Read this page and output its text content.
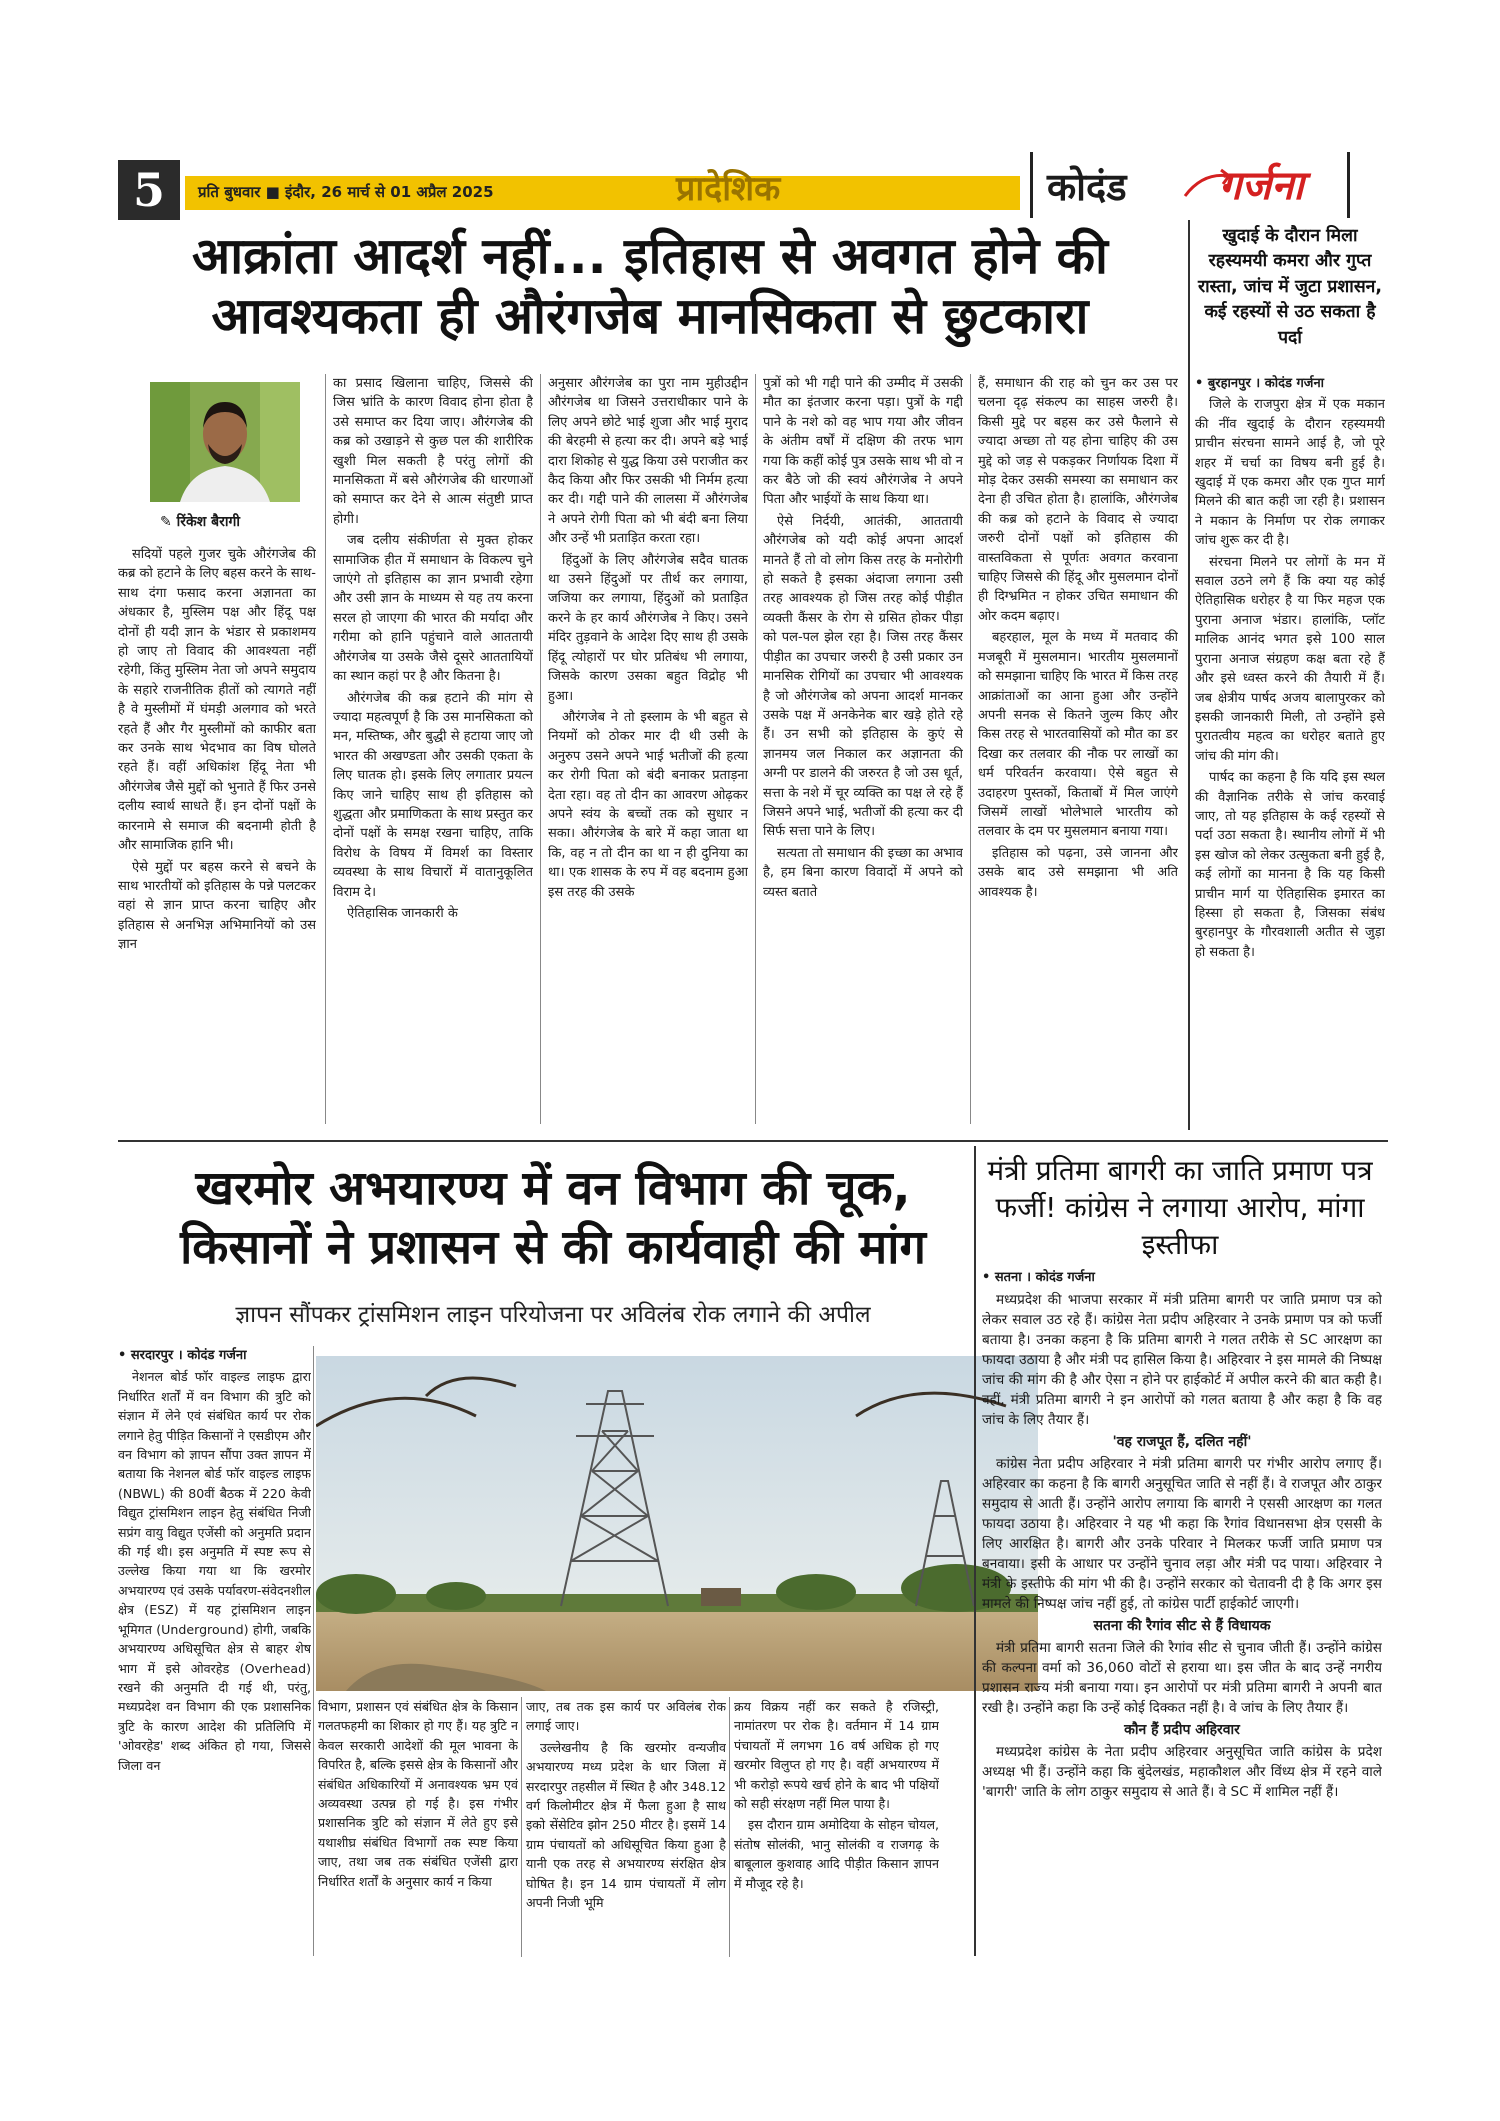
5	प्रति बुधवार ■ इंदौर, 26 मार्च से 01 अप्रैल 2025	प्रादेशिक	कोदंड गर्जना
आक्रांता आदर्श नहीं... इतिहास से अवगत होने की
आवश्यकता ही औरंगजेब मानसिकता से छुटकारा
✎ रिंकेश बैरागी

सदियों पहले गुजर चुके औरंगजेब की कब्र को हटाने के लिए बहस करने के साथ-साथ दंगा फसाद करना अज्ञानता का अंधकार है, मुस्लिम पक्ष और हिंदू पक्ष दोनों ही यदी ज्ञान के भंडार से प्रकाशमय हो जाए तो विवाद की आवश्यता नहीं रहेगी, किंतु मुस्लिम नेता जो अपने समुदाय के सहारे राजनीतिक हीतों को त्यागते नहीं है वे मुस्लीमों में घंमड़ी अलगाव को भरते रहते हैं और गैर मुस्लीमों को काफीर बता कर उनके साथ भेदभाव का विष घोलते रहते हैं। वहीं अधिकांश हिंदू नेता भी औरंगजेब जैसे मुद्दों को भुनाते हैं फिर उनसे दलीय स्वार्थ साधते हैं। इन दोनों पक्षों के कारनामे से समाज की बदनामी होती है और सामाजिक हानि भी।

ऐसे मुद्दों पर बहस करने से बचने के साथ भारतीयों को इतिहास के पन्ने पलटकर वहां से ज्ञान प्राप्त करना चाहिए और इतिहास से अनभिज्ञ अभिमानियों को उस ज्ञान

का प्रसाद खिलाना चाहिए, जिससे की जिस भ्रांति के कारण विवाद होना होता है उसे समाप्त कर दिया जाए। औरंगजेब की कब्र को उखाड़ने से कुछ पल की शारीरिक खुशी मिल सकती है परंतु लोगों की मानसिकता में बसे औरंगजेब की धारणाओं को समाप्त कर देने से आत्म संतुष्टी प्राप्त होगी।

जब दलीय संकीर्णता से मुक्त होकर सामाजिक हीत में समाधान के विकल्प चुने जाएंगे तो इतिहास का ज्ञान प्रभावी रहेगा और उसी ज्ञान के माध्यम से यह तय करना सरल हो जाएगा की भारत की मर्यादा और गरीमा को हानि पहुंचाने वाले आततायी औरंगजेब या उसके जैसे दूसरे आततायियों का स्थान कहां पर है और कितना है।

औरंगजेब की कब्र हटाने की मांग से ज्यादा महत्वपूर्ण है कि उस मानसिकता को मन, मस्तिष्क, और बुद्धी से हटाया जाए जो भारत की अखण्डता और उसकी एकता के लिए घातक हो। इसके लिए लगातार प्रयत्न किए जाने चाहिए साथ ही इतिहास को शुद्धता और प्रमाणिकता के साथ प्रस्तुत कर दोनों पक्षों के समक्ष रखना चाहिए, ताकि विरोध के विषय में विमर्श का विस्तार व्यवस्था के साथ विचारों में वातानुकूलित विराम दे।

ऐतिहासिक जानकारी के

अनुसार औरंगजेब का पुरा नाम मुहीउद्दीन औरंगजेब था जिसने उत्तराधीकार पाने के लिए अपने छोटे भाई शुजा और भाई मुराद की बेरहमी से हत्या कर दी। अपने बड़े भाई दारा शिकोह से युद्ध किया उसे पराजीत कर कैद किया और फिर उसकी भी निर्मम हत्या कर दी। गद्दी पाने की लालसा में औरंगजेब ने अपने रोगी पिता को भी बंदी बना लिया और उन्हें भी प्रताड़ित करता रहा।

हिंदुओं के लिए औरंगजेब सदैव घातक था उसने हिंदुओं पर तीर्थ कर लगाया, जजिया कर लगाया, हिंदुओं को प्रताड़ित करने के हर कार्य औरंगजेब ने किए। उसने मंदिर तुड़वाने के आदेश दिए साथ ही उसके हिंदू त्योहारों पर घोर प्रतिबंध भी लगाया, जिसके कारण उसका बहुत विद्रोह भी हुआ।

औरंगजेब ने तो इस्लाम के भी बहुत से नियमों को ठोकर मार दी थी उसी के अनुरुप उसने अपने भाई भतीजों की हत्या कर रोगी पिता को बंदी बनाकर प्रताड़ना देता रहा। वह तो दीन का आवरण ओढ़कर अपने स्वंय के बच्चों तक को सुधार न सका। औरंगजेब के बारे में कहा जाता था कि, वह न तो दीन का था न ही दुनिया का था। एक शासक के रुप में वह बदनाम हुआ इस तरह की उसके

पुत्रों को भी गद्दी पाने की उम्मीद में उसकी मौत का इंतजार करना पड़ा। पुत्रों के गद्दी पाने के नशे को वह भाप गया और जीवन के अंतीम वर्षों में दक्षिण की तरफ भाग गया कि कहीं कोई पुत्र उसके साथ भी वो न कर बैठे जो की स्वयं औरंगजेब ने अपने पिता और भाईयों के साथ किया था।

ऐसे निर्दयी, आतंकी, आततायी औरंगजेब को यदी कोई अपना आदर्श मानते हैं तो वो लोग किस तरह के मनोरोगी हो सकते है इसका अंदाजा लगाना उसी तरह आवश्यक हो जिस तरह कोई पीड़ीत व्यक्ती कैंसर के रोग से ग्रसित होकर पीड़ा को पल-पल झेल रहा है। जिस तरह कैंसर पीड़ीत का उपचार जरुरी है उसी प्रकार उन मानसिक रोगियों का उपचार भी आवश्यक है जो औरंगजेब को अपना आदर्श मानकर उसके पक्ष में अनकेनेक बार खड़े होते रहे हैं। उन सभी को इतिहास के कुएं से ज्ञानमय जल निकाल कर अज्ञानता की अग्नी पर डालने की जरुरत है जो उस धूर्त, सत्ता के नशे में चूर व्यक्ति का पक्ष ले रहे हैं जिसने अपने भाई, भतीजों की हत्या कर दी सिर्फ सत्ता पाने के लिए।

सत्यता तो समाधान की इच्छा का अभाव है, हम बिना कारण विवादों में अपने को व्यस्त बताते

हैं, समाधान की राह को चुन कर उस पर चलना दृढ़ संकल्प का साहस जरुरी है। किसी मुद्दे पर बहस कर उसे फैलाने से ज्यादा अच्छा तो यह होना चाहिए की उस मुद्दे को जड़ से पकड़कर निर्णायक दिशा में मोड़ देकर उसकी समस्या का समाधान कर देना ही उचित होता है। हालांकि, औरंगजेब की कब्र को हटाने के विवाद से ज्यादा जरुरी दोनों पक्षों को इतिहास की वास्तविकता से पूर्णतः अवगत करवाना चाहिए जिससे की हिंदू और मुसलमान दोनों ही दिग्भ्रमित न होकर उचित समाधान की ओर कदम बढ़ाए।

बहरहाल, मूल के मध्य में मतवाद की मजबूरी में मुसलमान। भारतीय मुसलमानों को समझाना चाहिए कि भारत में किस तरह आक्रांताओं का आना हुआ और उन्होंने अपनी सनक से कितने जुल्म किए और किस तरह से भारतवासियों को मौत का डर दिखा कर तलवार की नौक पर लाखों का धर्म परिवर्तन करवाया। ऐसे बहुत से उदाहरण पुस्तकों, किताबों में मिल जाएंगे जिसमें लाखों भोलेभाले भारतीय को तलवार के दम पर मुसलमान बनाया गया।

इतिहास को पढ़ना, उसे जानना और उसके बाद उसे समझाना भी अति आवश्यक है।

खुदाई के दौरान मिला रहस्यमयी कमरा और गुप्त रास्ता, जांच में जुटा प्रशासन, कई रहस्यों से उठ सकता है पर्दा

• बुरहानपुर । कोदंड गर्जना

जिले के राजपुरा क्षेत्र में एक मकान की नींव खुदाई के दौरान रहस्यमयी प्राचीन संरचना सामने आई है, जो पूरे शहर में चर्चा का विषय बनी हुई है। खुदाई में एक कमरा और एक गुप्त मार्ग मिलने की बात कही जा रही है। प्रशासन ने मकान के निर्माण पर रोक लगाकर जांच शुरू कर दी है।

संरचना मिलने पर लोगों के मन में सवाल उठने लगे हैं कि क्या यह कोई ऐतिहासिक धरोहर है या फिर महज एक पुराना अनाज भंडार। हालांकि, प्लॉट मालिक आनंद भगत इसे 100 साल पुराना अनाज संग्रहण कक्ष बता रहे हैं और इसे ध्वस्त करने की तैयारी में हैं। जब क्षेत्रीय पार्षद अजय बालापुरकर को इसकी जानकारी मिली, तो उन्होंने इसे पुरातत्वीय महत्व का धरोहर बताते हुए जांच की मांग की।

पार्षद का कहना है कि यदि इस स्थल की वैज्ञानिक तरीके से जांच करवाई जाए, तो यह इतिहास के कई रहस्यों से पर्दा उठा सकता है। स्थानीय लोगों में भी इस खोज को लेकर उत्सुकता बनी हुई है, कई लोगों का मानना है कि यह किसी प्राचीन मार्ग या ऐतिहासिक इमारत का हिस्सा हो सकता है, जिसका संबंध बुरहानपुर के गौरवशाली अतीत से जुड़ा हो सकता है।

खरमोर अभयारण्य में वन विभाग की चूक,
किसानों ने प्रशासन से की कार्यवाही की मांग
ज्ञापन सौंपकर ट्रांसमिशन लाइन परियोजना पर अविलंब रोक लगाने की अपील

• सरदारपुर । कोदंड गर्जना

नेशनल बोर्ड फॉर वाइल्ड लाइफ द्वारा निर्धारित शर्तों में वन विभाग की त्रुटि को संज्ञान में लेने एवं संबंधित कार्य पर रोक लगाने हेतु पीड़ित किसानों ने एसडीएम और वन विभाग को ज्ञापन सौंपा उक्त ज्ञापन में बताया कि नेशनल बोर्ड फॉर वाइल्ड लाइफ (NBWL) की 80वीं बैठक में 220 केवी विद्युत ट्रांसमिशन लाइन हेतु संबंधित निजी सप्रंग वायु विद्युत एजेंसी को अनुमति प्रदान की गई थी। इस अनुमति में स्पष्ट रूप से उल्लेख किया गया था कि खरमोर अभयारण्य एवं उसके पर्यावरण-संवेदनशील क्षेत्र (ESZ) में यह ट्रांसमिशन लाइन भूमिगत (Underground) होगी, जबकि अभयारण्य अधिसूचित क्षेत्र से बाहर शेष भाग में इसे ओवरहेड (Overhead) रखने की अनुमति दी गई थी, परंतु, मध्यप्रदेश वन विभाग की एक प्रशासनिक त्रुटि के कारण आदेश की प्रतिलिपि में 'ओवरहेड' शब्द अंकित हो गया, जिससे जिला वन

विभाग, प्रशासन एवं संबंधित क्षेत्र के किसान गलतफहमी का शिकार हो गए हैं। यह त्रुटि न केवल सरकारी आदेशों की मूल भावना के विपरित है, बल्कि इससे क्षेत्र के किसानों और संबंधित अधिकारियों में अनावश्यक भ्रम एवं अव्यवस्था उत्पन्न हो गई है। इस गंभीर प्रशासनिक त्रुटि को संज्ञान में लेते हुए इसे यथाशीघ्र संबंधित विभागों तक स्पष्ट किया जाए, तथा जब तक संबंधित एजेंसी द्वारा निर्धारित शर्तों के अनुसार कार्य न किया

जाए, तब तक इस कार्य पर अविलंब रोक लगाई जाए।

उल्लेखनीय है कि खरमोर वन्यजीव अभयारण्य मध्य प्रदेश के धार जिला में सरदारपुर तहसील में स्थित है और 348.12 वर्ग किलोमीटर क्षेत्र में फैला हुआ है साथ इको सेंसेटिव झोन 250 मीटर है। इसमें 14 ग्राम पंचायतों को अधिसूचित किया हुआ है यानी एक तरह से अभयारण्य संरक्षित क्षेत्र घोषित है। इन 14 ग्राम पंचायतों में लोग अपनी निजी भूमि

क्रय विक्रय नहीं कर सकते है रजिस्ट्री, नामांतरण पर रोक है। वर्तमान में 14 ग्राम पंचायतों में लगभग 16 वर्ष अधिक हो गए खरमोर विलुप्त हो गए है। वहीं अभयारण्य में भी करोड़ो रूपये खर्च होने के बाद भी पक्षियों को सही संरक्षण नहीं मिल पाया है।

इस दौरान ग्राम अमोदिया के सोहन चोयल, संतोष सोलंकी, भानु सोलंकी व राजगढ़ के बाबूलाल कुशवाह आदि पीड़ीत किसान ज्ञापन में मौजूद रहे है।

मंत्री प्रतिमा बागरी का जाति प्रमाण पत्र फर्जी! कांग्रेस ने लगाया आरोप, मांगा इस्तीफा

• सतना । कोदंड गर्जना

मध्यप्रदेश की भाजपा सरकार में मंत्री प्रतिमा बागरी पर जाति प्रमाण पत्र को लेकर सवाल उठ रहे हैं। कांग्रेस नेता प्रदीप अहिरवार ने उनके प्रमाण पत्र को फर्जी बताया है। उनका कहना है कि प्रतिमा बागरी ने गलत तरीके से SC आरक्षण का फायदा उठाया है और मंत्री पद हासिल किया है। अहिरवार ने इस मामले की निष्पक्ष जांच की मांग की है और ऐसा न होने पर हाईकोर्ट में अपील करने की बात कही है। वहीं, मंत्री प्रतिमा बागरी ने इन आरोपों को गलत बताया है और कहा है कि वह जांच के लिए तैयार हैं।

'वह राजपूत हैं, दलित नहीं'

कांग्रेस नेता प्रदीप अहिरवार ने मंत्री प्रतिमा बागरी पर गंभीर आरोप लगाए हैं। अहिरवार का कहना है कि बागरी अनुसूचित जाति से नहीं हैं। वे राजपूत और ठाकुर समुदाय से आती हैं। उन्होंने आरोप लगाया कि बागरी ने एससी आरक्षण का गलत फायदा उठाया है। अहिरवार ने यह भी कहा कि रैगांव विधानसभा क्षेत्र एससी के लिए आरक्षित है। बागरी और उनके परिवार ने मिलकर फर्जी जाति प्रमाण पत्र बनवाया। इसी के आधार पर उन्होंने चुनाव लड़ा और मंत्री पद पाया। अहिरवार ने मंत्री के इस्तीफे की मांग भी की है। उन्होंने सरकार को चेतावनी दी है कि अगर इस मामले की निष्पक्ष जांच नहीं हुई, तो कांग्रेस पार्टी हाईकोर्ट जाएगी।

सतना की रैगांव सीट से हैं विधायक

मंत्री प्रतिमा बागरी सतना जिले की रैगांव सीट से चुनाव जीती हैं। उन्होंने कांग्रेस की कल्पना वर्मा को 36,060 वोटों से हराया था। इस जीत के बाद उन्हें नगरीय प्रशासन राज्य मंत्री बनाया गया। इन आरोपों पर मंत्री प्रतिमा बागरी ने अपनी बात रखी है। उन्होंने कहा कि उन्हें कोई दिक्कत नहीं है। वे जांच के लिए तैयार हैं।

कौन हैं प्रदीप अहिरवार

मध्यप्रदेश कांग्रेस के नेता प्रदीप अहिरवार अनुसूचित जाति कांग्रेस के प्रदेश अध्यक्ष भी हैं। उन्होंने कहा कि बुंदेलखंड, महाकौशल और विंध्य क्षेत्र में रहने वाले 'बागरी' जाति के लोग ठाकुर समुदाय से आते हैं। वे SC में शामिल नहीं हैं।
